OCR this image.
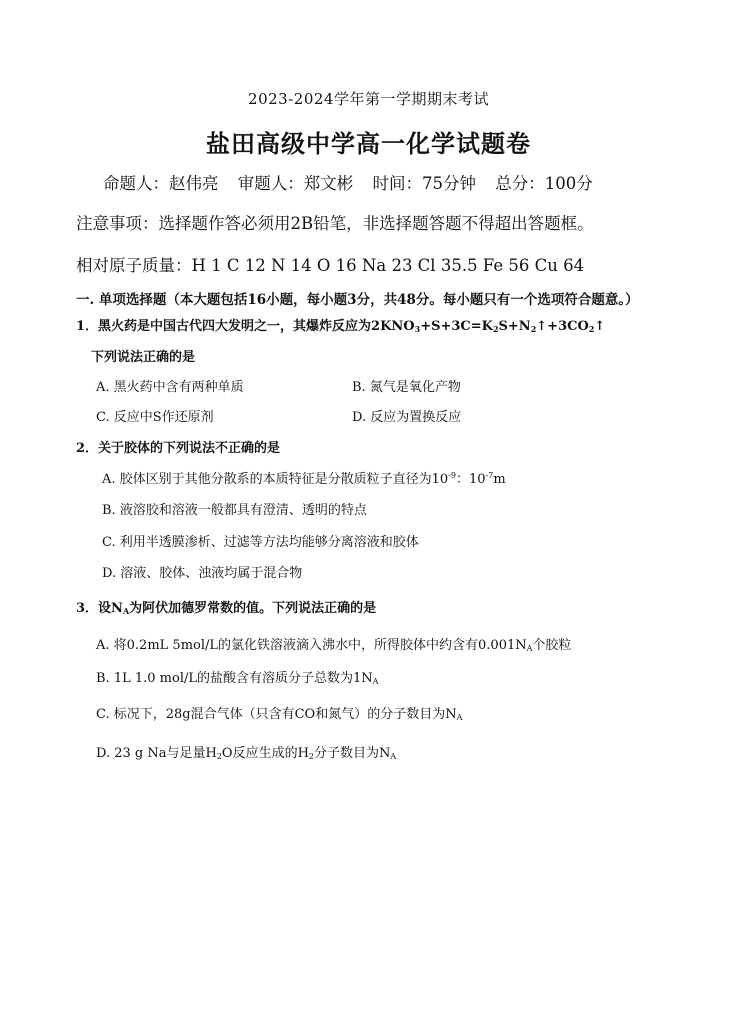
2023-2024学年第一学期期末考试
盐田高级中学高一化学试题卷
命题人：赵伟亮 审题人：郑文彬 时间：75分钟 总分：100分
注意事项：选择题作答必须用2B铅笔，非选择题答题不得超出答题框。
相对原子质量：H 1 C 12 N 14 O 16 Na 23 Cl 35.5 Fe 56 Cu 64
一. 单项选择题（本大题包括16小题，每小题3分，共48分。每小题只有一个选项符合题意。）
1．黑火药是中国古代四大发明之一，其爆炸反应为$2KNO_3+S+3C=K_2S+N_2↑+3CO_2↑$
下列说法正确的是
A. 黑火药中含有两种单质	B. 氮气是氧化产物
C. 反应中S作还原剂	D. 反应为置换反应
2．关于胶体的下列说法不正确的是
A. 胶体区别于其他分散系的本质特征是分散质粒子直径为$10^{-9}$：$10^{-7}m$
B. 液溶胶和溶液一般都具有澄清、透明的特点
C. 利用半透膜渗析、过滤等方法均能够分离溶液和胶体
D. 溶液、胶体、浊液均属于混合物
3．设$N_A$为阿伏加德罗常数的值。下列说法正确的是
A. 将0.2mL 5mol/L的氯化铁溶液滴入沸水中，所得胶体中约含有$0.001N_A$个胶粒
B. 1L 1.0 mol/L的盐酸含有溶质分子总数为$1N_A$
C. 标况下，28g混合气体（只含有CO和氮气）的分子数目为$N_A$
D. 23 g Na与足量$H_2O$反应生成的$H_2$分子数目为$N_A$
